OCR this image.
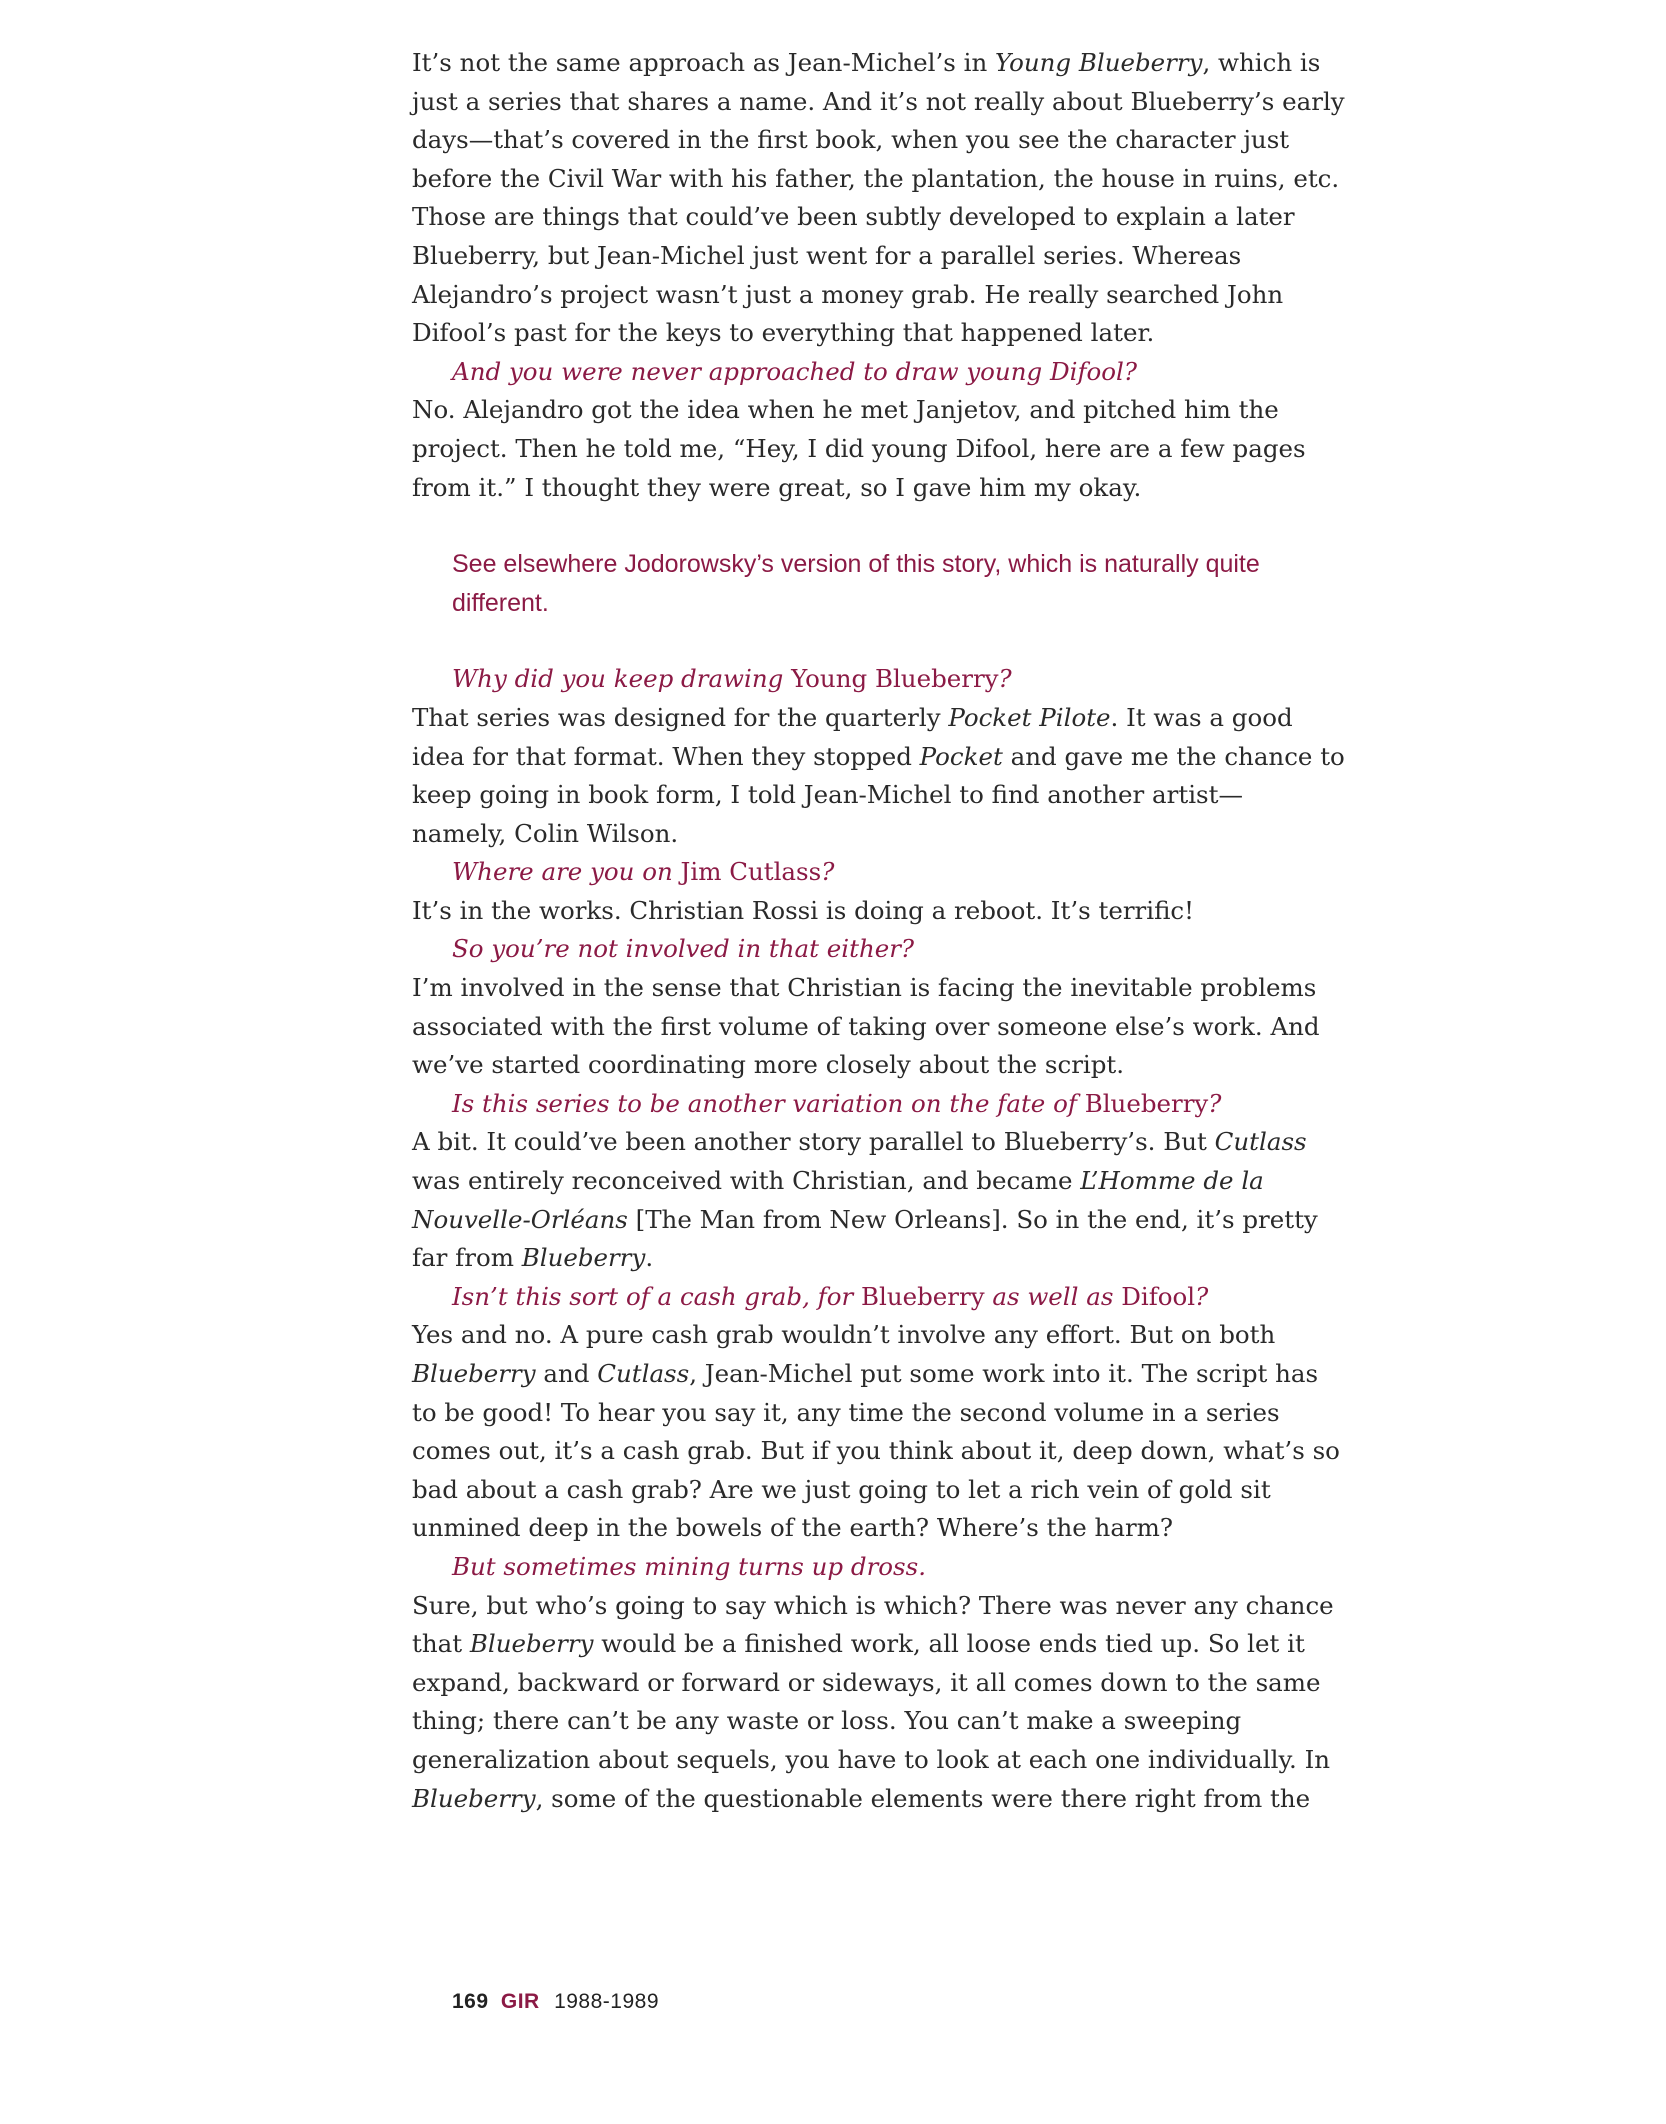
It’s not the same approach as Jean-Michel’s in Young Blueberry, which is

just a series that shares a name. And it’s not really about Blueberry’s early

days—that’s covered in the first book, when you see the character just

before the Civil War with his father, the plantation, the house in ruins, etc.

Those are things that could’ve been subtly developed to explain a later

Blueberry, but Jean-Michel just went for a parallel series. Whereas

Alejandro’s project wasn’t just a money grab. He really searched John

Difool’s past for the keys to everything that happened later.

And you were never approached to draw young Difool?

No. Alejandro got the idea when he met Janjetov, and pitched him the

project. Then he told me, “Hey, I did young Difool, here are a few pages

from it.” I thought they were great, so I gave him my okay.

See elsewhere Jodorowsky’s version of this story, which is naturally quite
different.

Why did you keep drawing Young Blueberry?

That series was designed for the quarterly Pocket Pilote. It was a good

idea for that format. When they stopped Pocket and gave me the chance to

keep going in book form, I told Jean-Michel to find another artist—

namely, Colin Wilson.

Where are you on Jim Cutlass?

It’s in the works. Christian Rossi is doing a reboot. It’s terrific!

So you’re not involved in that either?

I’m involved in the sense that Christian is facing the inevitable problems

associated with the first volume of taking over someone else’s work. And

we’ve started coordinating more closely about the script.

Is this series to be another variation on the fate of Blueberry?

A bit. It could’ve been another story parallel to Blueberry’s. But Cutlass

was entirely reconceived with Christian, and became L’Homme de la

Nouvelle-Orléans [The Man from New Orleans]. So in the end, it’s pretty

far from Blueberry.

Isn’t this sort of a cash grab, for Blueberry as well as Difool?

Yes and no. A pure cash grab wouldn’t involve any effort. But on both

Blueberry and Cutlass, Jean-Michel put some work into it. The script has

to be good! To hear you say it, any time the second volume in a series

comes out, it’s a cash grab. But if you think about it, deep down, what’s so

bad about a cash grab? Are we just going to let a rich vein of gold sit

unmined deep in the bowels of the earth? Where’s the harm?

But sometimes mining turns up dross.

Sure, but who’s going to say which is which? There was never any chance

that Blueberry would be a finished work, all loose ends tied up. So let it

expand, backward or forward or sideways, it all comes down to the same

thing; there can’t be any waste or loss. You can’t make a sweeping

generalization about sequels, you have to look at each one individually. In

Blueberry, some of the questionable elements were there right from the

169 GIR 1988-1989
